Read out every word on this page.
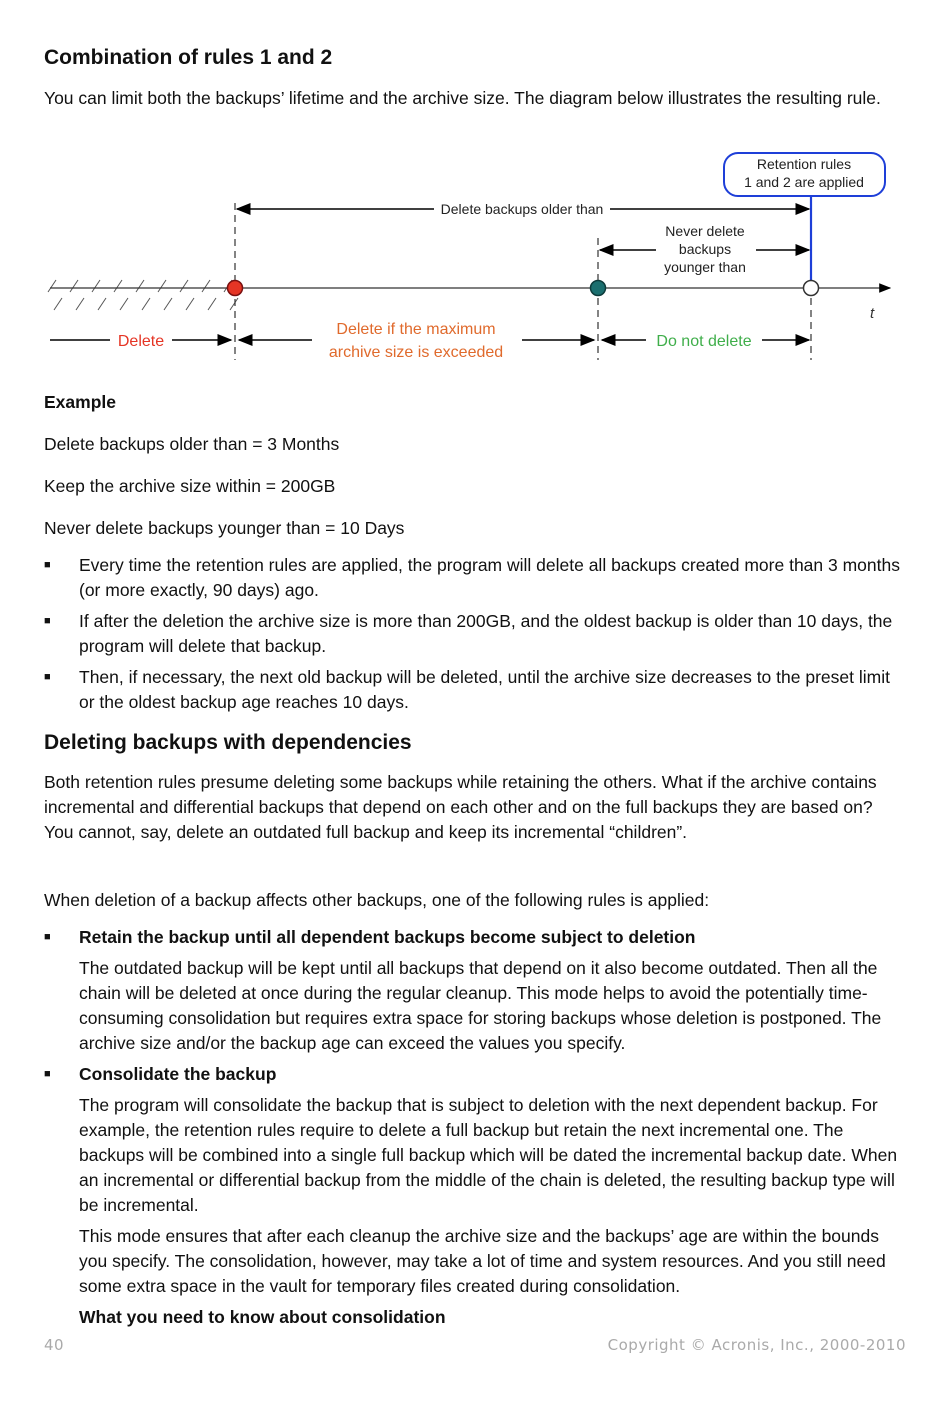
Combination of rules 1 and 2

You can limit both the backups’ lifetime and the archive size. The diagram below illustrates the resulting rule.

t
Retention rules
1 and 2 are applied
Delete backups older than
Never delete
backups
younger than
Delete
Delete if the maximum
archive size is exceeded
Do not delete

Example

Delete backups older than = 3 Months

Keep the archive size within = 200GB

Never delete backups younger than = 10 Days

■ Every time the retention rules are applied, the program will delete all backups created more than 3 months (or more exactly, 90 days) ago.
■ If after the deletion the archive size is more than 200GB, and the oldest backup is older than 10 days, the program will delete that backup.
■ Then, if necessary, the next old backup will be deleted, until the archive size decreases to the preset limit or the oldest backup age reaches 10 days.
Deleting backups with dependencies

Both retention rules presume deleting some backups while retaining the others. What if the archive contains incremental and differential backups that depend on each other and on the full backups they are based on? You cannot, say, delete an outdated full backup and keep its incremental “children”.

When deletion of a backup affects other backups, one of the following rules is applied:

■ Retain the backup until all dependent backups become subject to deletion
The outdated backup will be kept until all backups that depend on it also become outdated. Then all the chain will be deleted at once during the regular cleanup. This mode helps to avoid the potentially time-consuming consolidation but requires extra space for storing backups whose deletion is postponed. The archive size and/or the backup age can exceed the values you specify.
■ Consolidate the backup
The program will consolidate the backup that is subject to deletion with the next dependent backup. For example, the retention rules require to delete a full backup but retain the next incremental one. The backups will be combined into a single full backup which will be dated the incremental backup date. When an incremental or differential backup from the middle of the chain is deleted, the resulting backup type will be incremental.
This mode ensures that after each cleanup the archive size and the backups’ age are within the bounds you specify. The consolidation, however, may take a lot of time and system resources. And you still need some extra space in the vault for temporary files created during consolidation.
What you need to know about consolidation
40	Copyright © Acronis, Inc., 2000-2010
